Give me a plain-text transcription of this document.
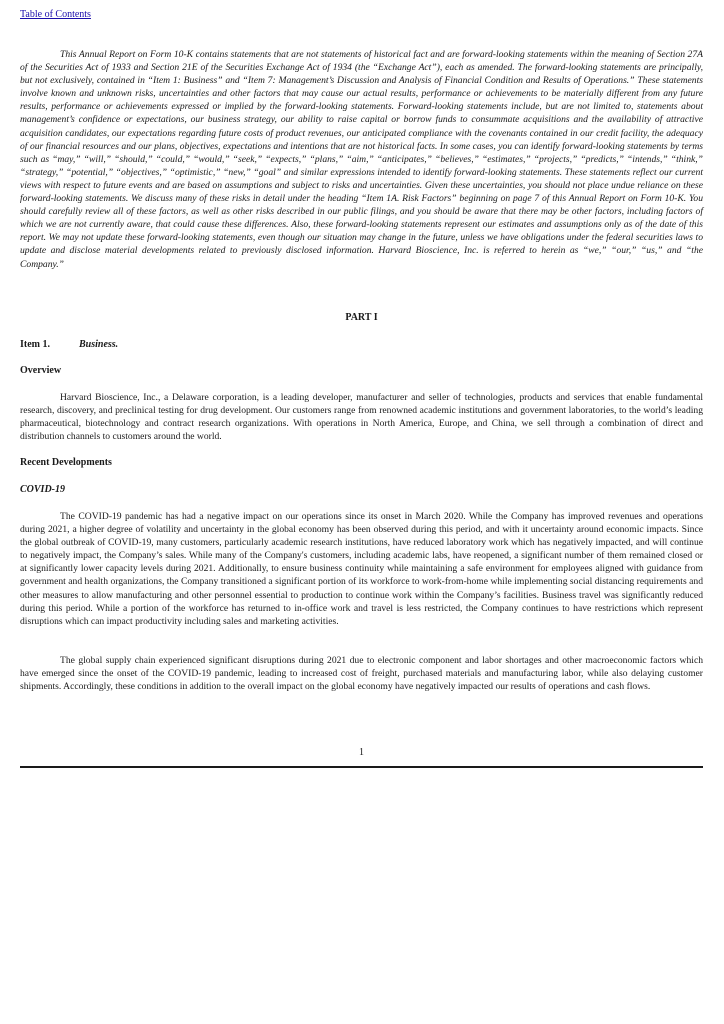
Table of Contents

This Annual Report on Form 10-K contains statements that are not statements of historical fact and are forward-looking statements within the meaning of Section 27A of the Securities Act of 1933 and Section 21E of the Securities Exchange Act of 1934 (the “Exchange Act”), each as amended. The forward-looking statements are principally, but not exclusively, contained in “Item 1: Business” and “Item 7: Management’s Discussion and Analysis of Financial Condition and Results of Operations.” These statements involve known and unknown risks, uncertainties and other factors that may cause our actual results, performance or achievements to be materially different from any future results, performance or achievements expressed or implied by the forward-looking statements. Forward-looking statements include, but are not limited to, statements about management’s confidence or expectations, our business strategy, our ability to raise capital or borrow funds to consummate acquisitions and the availability of attractive acquisition candidates, our expectations regarding future costs of product revenues, our anticipated compliance with the covenants contained in our credit facility, the adequacy of our financial resources and our plans, objectives, expectations and intentions that are not historical facts. In some cases, you can identify forward-looking statements by terms such as “may,” “will,” “should,” “could,” “would,” “seek,” “expects,” “plans,” “aim,” “anticipates,” “believes,” “estimates,” “projects,” “predicts,” “intends,” “think,” “strategy,” “potential,” “objectives,” “optimistic,” “new,” “goal” and similar expressions intended to identify forward-looking statements. These statements reflect our current views with respect to future events and are based on assumptions and subject to risks and uncertainties. Given these uncertainties, you should not place undue reliance on these forward-looking statements. We discuss many of these risks in detail under the heading “Item 1A. Risk Factors” beginning on page 7 of this Annual Report on Form 10-K. You should carefully review all of these factors, as well as other risks described in our public filings, and you should be aware that there may be other factors, including factors of which we are not currently aware, that could cause these differences. Also, these forward-looking statements represent our estimates and assumptions only as of the date of this report. We may not update these forward-looking statements, even though our situation may change in the future, unless we have obligations under the federal securities laws to update and disclose material developments related to previously disclosed information. Harvard Bioscience, Inc. is referred to herein as “we,” “our,” “us,” and “the Company.”

PART I
Item 1.	Business.
Overview

Harvard Bioscience, Inc., a Delaware corporation, is a leading developer, manufacturer and seller of technologies, products and services that enable fundamental research, discovery, and preclinical testing for drug development. Our customers range from renowned academic institutions and government laboratories, to the world’s leading pharmaceutical, biotechnology and contract research organizations. With operations in North America, Europe, and China, we sell through a combination of direct and distribution channels to customers around the world.

Recent Developments
COVID-19

The COVID-19 pandemic has had a negative impact on our operations since its onset in March 2020. While the Company has improved revenues and operations during 2021, a higher degree of volatility and uncertainty in the global economy has been observed during this period, and with it uncertainty around economic impacts. Since the global outbreak of COVID-19, many customers, particularly academic research institutions, have reduced laboratory work which has negatively impacted, and will continue to negatively impact, the Company’s sales. While many of the Company's customers, including academic labs, have reopened, a significant number of them remained closed or at significantly lower capacity levels during 2021. Additionally, to ensure business continuity while maintaining a safe environment for employees aligned with guidance from government and health organizations, the Company transitioned a significant portion of its workforce to work-from-home while implementing social distancing requirements and other measures to allow manufacturing and other personnel essential to production to continue work within the Company’s facilities. Business travel was significantly reduced during this period. While a portion of the workforce has returned to in-office work and travel is less restricted, the Company continues to have restrictions which represent disruptions which can impact productivity including sales and marketing activities.

The global supply chain experienced significant disruptions during 2021 due to electronic component and labor shortages and other macroeconomic factors which have emerged since the onset of the COVID-19 pandemic, leading to increased cost of freight, purchased materials and manufacturing labor, while also delaying customer shipments. Accordingly, these conditions in addition to the overall impact on the global economy have negatively impacted our results of operations and cash flows.

1
